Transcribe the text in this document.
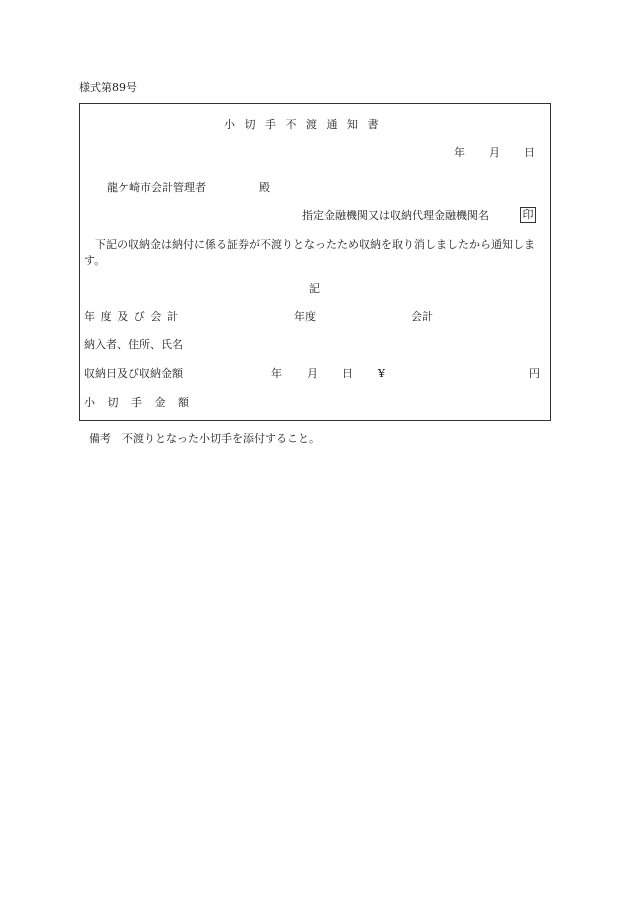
様式第89号
小切手不渡通知書
年 月 日
龍ケ崎市会計管理者	殿
指定金融機関又は収納代理金融機関名	印
下記の収納金は納付に係る証券が不渡りとなったため収納を取り消しましたから通知します。
記
年度及び会計	年度	会計
納入者、住所、氏名
収納日及び収納金額	年 月 日 ¥	円
小切手金額
備考　不渡りとなった小切手を添付すること。
